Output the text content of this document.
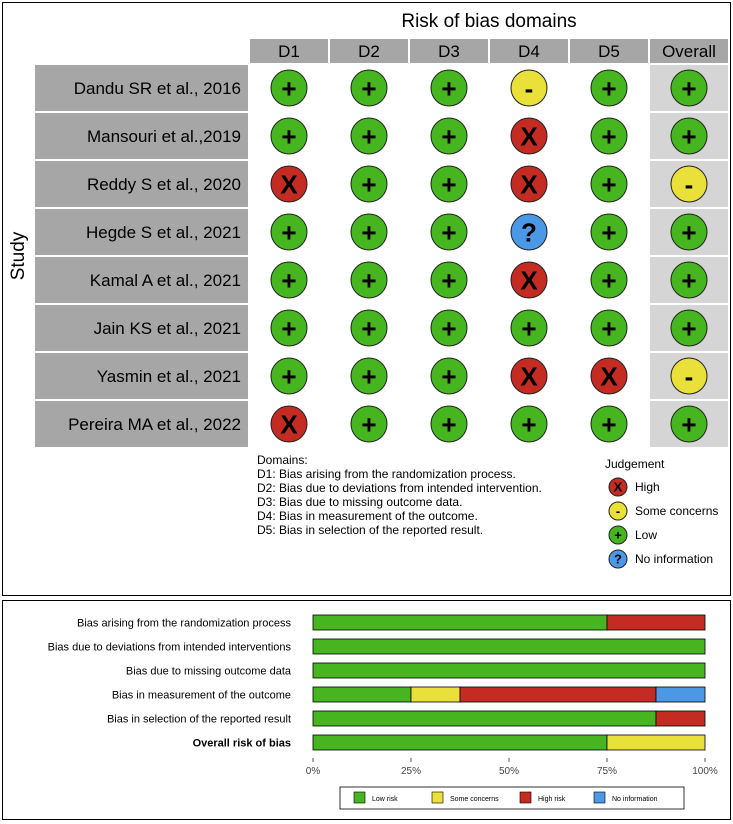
Risk of bias domains
Study
D1	D2	D3	D4	D5 Overall
Dandu SR et al., 2016 + + +	-	+ +
Mansouri et al.,2019 + + + X + +
Reddy S et al., 2020 X + + X +	-
Hegde S et al., 2021 + + + ? + +
Kamal A et al., 2021 + + + X + +
Jain KS et al., 2021 + + + + + +
Yasmin et al., 2021 + + + X X	-
Pereira MA et al., 2022 X + + + + +
Domains:
D1: Bias arising from the randomization process.
D2: Bias due to deviations from intended intervention.
D3: Bias due to missing outcome data.
D4: Bias in measurement of the outcome.
D5: Bias in selection of the reported result.
Judgement
X High
- Some concerns
+ Low
? No information
Bias arising from the randomization process
Bias due to deviations from intended interventions
Bias due to missing outcome data
Bias in measurement of the outcome
Bias in selection of the reported result
Overall risk of bias
0%	25%	50%	75%	100%
Low risk	Some concerns	High risk	No information
